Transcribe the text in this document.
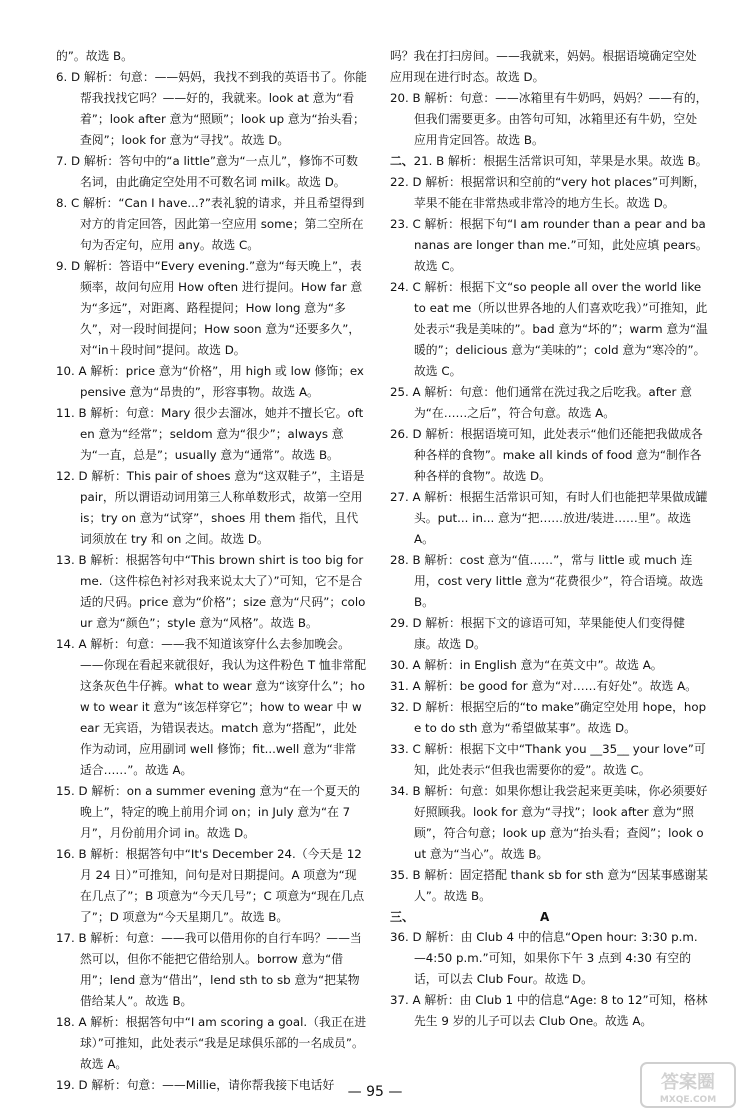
的”。故选 B。

6. D 解析：句意：——妈妈，我找不到我的英语书了。你能帮我找找它吗？——好的，我就来。look at 意为“看着”；look after 意为“照顾”；look up 意为“抬头看；查阅”；look for 意为“寻找”。故选 D。

7. D 解析：答句中的“a little”意为“一点儿”，修饰不可数名词，由此确定空处用不可数名词 milk。故选 D。

8. C 解析：“Can I have...?”表礼貌的请求，并且希望得到对方的肯定回答，因此第一空应用 some；第二空所在句为否定句，应用 any。故选 C。

9. D 解析：答语中“Every evening.”意为“每天晚上”，表频率，故问句应用 How often 进行提问。How far 意为“多远”，对距离、路程提问；How long 意为“多久”，对一段时间提问；How soon 意为“还要多久”，对“in＋段时间”提问。故选 D。

10. A 解析：price 意为“价格”，用 high 或 low 修饰；expensive 意为“昂贵的”，形容事物。故选 A。

11. B 解析：句意：Mary 很少去溜冰，她并不擅长它。often 意为“经常”；seldom 意为“很少”；always 意为“一直，总是”；usually 意为“通常”。故选 B。

12. D 解析：This pair of shoes 意为“这双鞋子”，主语是 pair，所以谓语动词用第三人称单数形式，故第一空用 is；try on 意为“试穿”，shoes 用 them 指代，且代词须放在 try 和 on 之间。故选 D。

13. B 解析：根据答句中“This brown shirt is too big for me.（这件棕色衬衫对我来说太大了）”可知，它不是合适的尺码。price 意为“价格”；size 意为“尺码”；colour 意为“颜色”；style 意为“风格”。故选 B。

14. A 解析：句意：——我不知道该穿什么去参加晚会。——你现在看起来就很好，我认为这件粉色 T 恤非常配这条灰色牛仔裤。what to wear 意为“该穿什么”；how to wear it 意为“该怎样穿它”；how to wear 中 wear 无宾语，为错误表达。match 意为“搭配”，此处作为动词，应用副词 well 修饰；fit...well 意为“非常适合……”。故选 A。

15. D 解析：on a summer evening 意为“在一个夏天的晚上”，特定的晚上前用介词 on；in July 意为“在 7 月”，月份前用介词 in。故选 D。

16. B 解析：根据答句中“It's December 24.（今天是 12 月 24 日）”可推知，问句是对日期提问。A 项意为“现在几点了”；B 项意为“今天几号”；C 项意为“现在几点了”；D 项意为“今天星期几”。故选 B。

17. B 解析：句意：——我可以借用你的自行车吗？——当然可以，但你不能把它借给别人。borrow 意为“借用”；lend 意为“借出”，lend sth to sb 意为“把某物借给某人”。故选 B。

18. A 解析：根据答句中“I am scoring a goal.（我正在进球）”可推知，此处表示“我是足球俱乐部的一名成员”。故选 A。

19. D 解析：句意：——Millie，请你帮我接下电话好

吗？我在打扫房间。——我就来，妈妈。根据语境确定空处应用现在进行时态。故选 D。

20. B 解析：句意：——冰箱里有牛奶吗，妈妈？——有的，但我们需要更多。由答句可知，冰箱里还有牛奶，空处应用肯定回答。故选 B。

二、21. B 解析：根据生活常识可知，苹果是水果。故选 B。

22. D 解析：根据常识和空前的“very hot places”可判断，苹果不能在非常热或非常冷的地方生长。故选 D。

23. C 解析：根据下句“I am rounder than a pear and bananas are longer than me.”可知，此处应填 pears。故选 C。

24. C 解析：根据下文“so people all over the world like to eat me（所以世界各地的人们喜欢吃我）”可推知，此处表示“我是美味的”。bad 意为“坏的”；warm 意为“温暖的”；delicious 意为“美味的”；cold 意为“寒冷的”。故选 C。

25. A 解析：句意：他们通常在洗过我之后吃我。after 意为“在……之后”，符合句意。故选 A。

26. D 解析：根据语境可知，此处表示“他们还能把我做成各种各样的食物”。make all kinds of food 意为“制作各种各样的食物”。故选 D。

27. A 解析：根据生活常识可知，有时人们也能把苹果做成罐头。put... in... 意为“把……放进/装进……里”。故选 A。

28. B 解析：cost 意为“值……”，常与 little 或 much 连用，cost very little 意为“花费很少”，符合语境。故选 B。

29. D 解析：根据下文的谚语可知，苹果能使人们变得健康。故选 D。

30. A 解析：in English 意为“在英文中”。故选 A。

31. A 解析：be good for 意为“对……有好处”。故选 A。

32. D 解析：根据空后的“to make”确定空处用 hope，hope to do sth 意为“希望做某事”。故选 D。

33. C 解析：根据下文中“Thank you __35__ your love”可知，此处表示“但我也需要你的爱”。故选 C。

34. B 解析：句意：如果你想让我尝起来更美味，你必须要好好照顾我。look for 意为“寻找”；look after 意为“照顾”，符合句意；look up 意为“抬头看；查阅”；look out 意为“当心”。故选 B。

35. B 解析：固定搭配 thank sb for sth 意为“因某事感谢某人”。故选 B。

三、	A

36. D 解析：由 Club 4 中的信息“Open hour: 3:30 p.m.—4:50 p.m.”可知，如果你下午 3 点到 4:30 有空的话，可以去 Club Four。故选 D。

37. A 解析：由 Club 1 中的信息“Age: 8 to 12”可知，格林先生 9 岁的儿子可以去 Club One。故选 A。

— 95 —	答案圈
MXQE.COM
